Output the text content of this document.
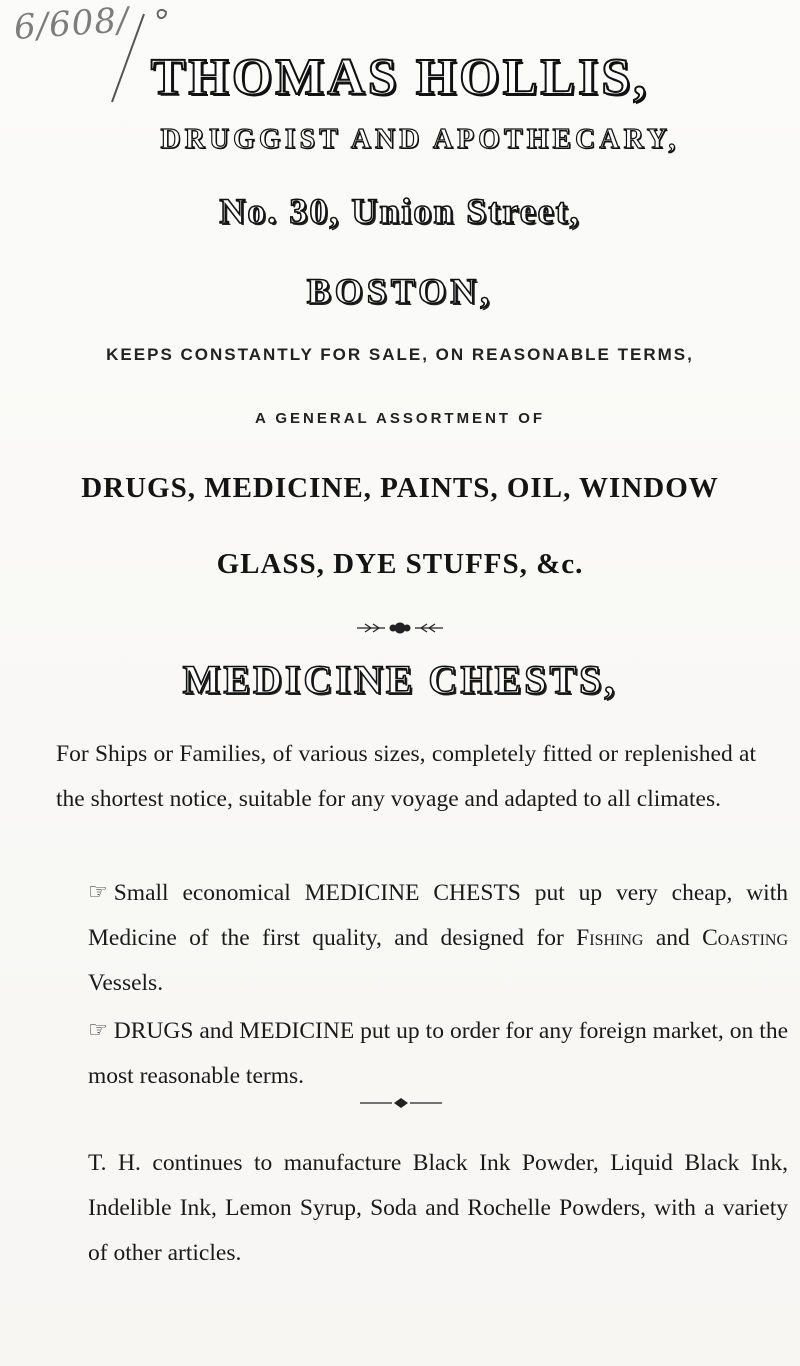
6/608/
THOMAS HOLLIS,
DRUGGIST AND APOTHECARY,
No. 30, Union Street,
BOSTON,
KEEPS CONSTANTLY FOR SALE, ON REASONABLE TERMS,
A GENERAL ASSORTMENT OF
DRUGS, MEDICINE, PAINTS, OIL, WINDOW
GLASS, DYE STUFFS, &c.
MEDICINE CHESTS,
For Ships or Families, of various sizes, completely fitted or replenished at the shortest notice, suitable for any voyage and adapted to all climates.
☞ Small economical MEDICINE CHESTS put up very cheap, with Medicine of the first quality, and designed for Fishing and Coasting Vessels.
☞ DRUGS and MEDICINE put up to order for any foreign market, on the most reasonable terms.
T. H. continues to manufacture Black Ink Powder, Liquid Black Ink, Indelible Ink, Lemon Syrup, Soda and Rochelle Powders, with a variety of other articles.
